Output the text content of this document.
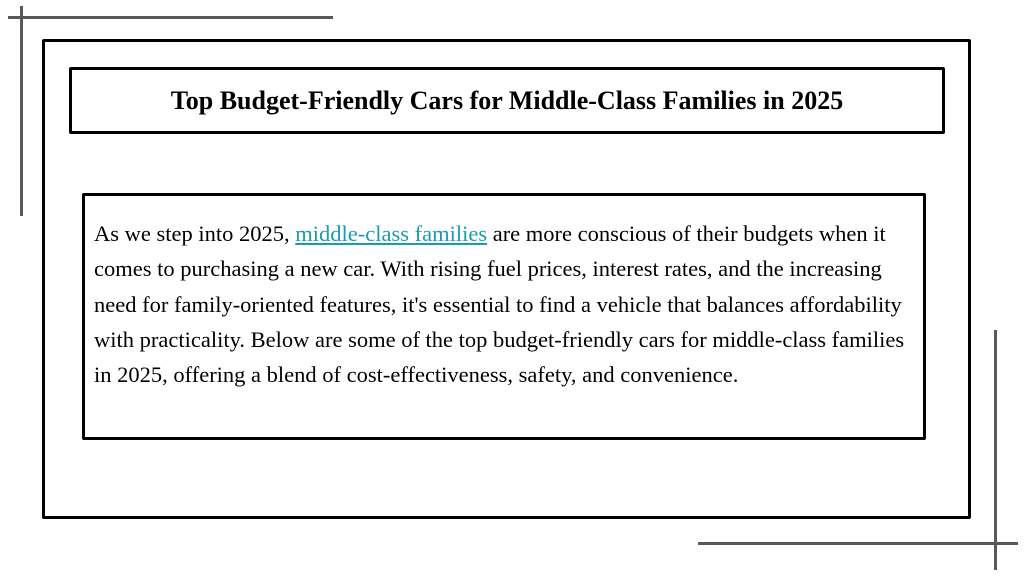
Top Budget-Friendly Cars for Middle-Class Families in 2025

As we step into 2025, middle-class families are more conscious of their budgets when it comes to purchasing a new car. With rising fuel prices, interest rates, and the increasing need for family-oriented features, it's essential to find a vehicle that balances affordability with practicality. Below are some of the top budget-friendly cars for middle-class families in 2025, offering a blend of cost-effectiveness, safety, and convenience.
